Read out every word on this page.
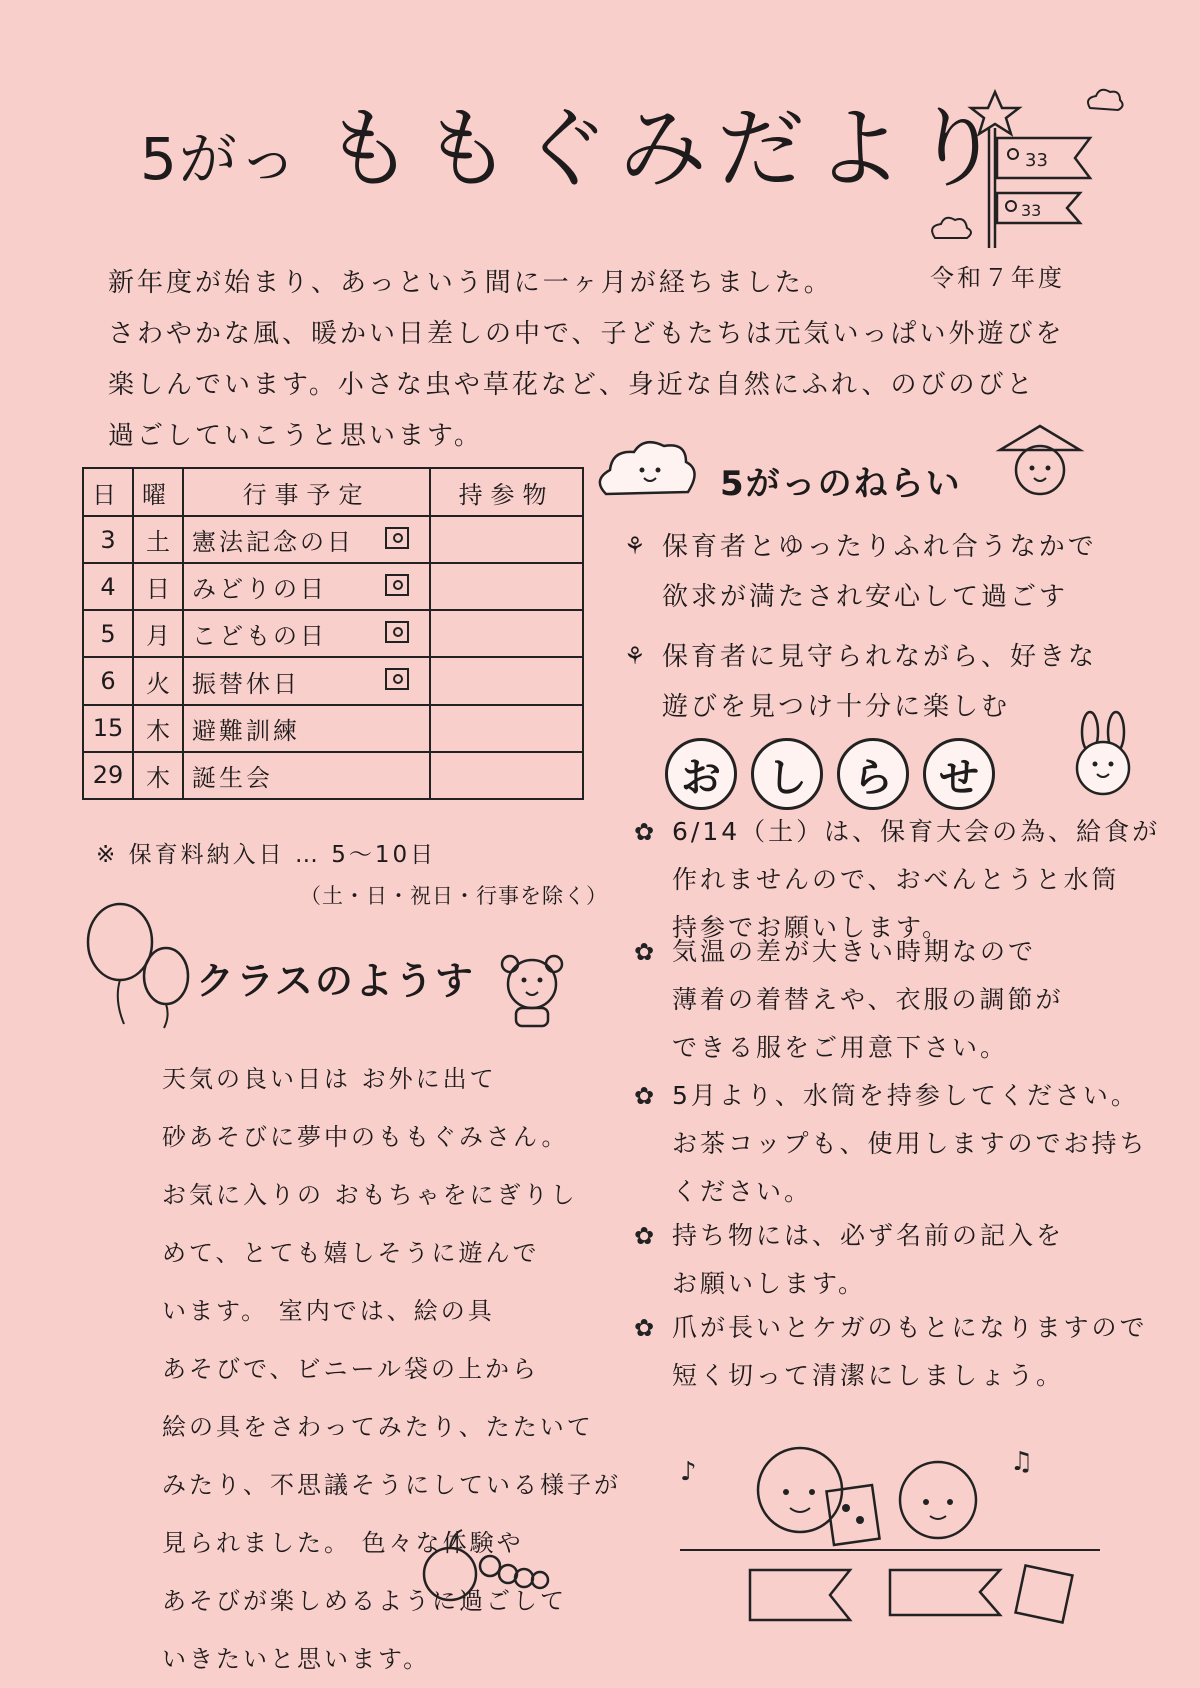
5がっ ももぐみだより
令和７年度
33
33

新年度が始まり、あっという間に一ヶ月が経ちました。

さわやかな風、暖かい日差しの中で、子どもたちは元気いっぱい外遊びを

楽しんでいます。小さな虫や草花など、身近な自然にふれ、のびのびと

過ごしていこうと思います。

日	曜	行事予定	持参物
3	土	憲法記念の日

4	日	みどりの日

5	月	こどもの日

6	火	振替休日

15	木	避難訓練	
29	木	誕生会	
※ 保育料納入日 … 5～10日
（土・日・祝日・行事を除く）
クラスのようす

天気の良い日は お外に出て

砂あそびに夢中のももぐみさん。

お気に入りの おもちゃをにぎりし

めて、とても嬉しそうに遊んで

います。 室内では、絵の具

あそびで、ビニール袋の上から

絵の具をさわってみたり、たたいて

みたり、不思議そうにしている様子が

見られました。 色々な体験や

あそびが楽しめるように過ごして

いきたいと思います。

5がっのねらい
⚘ 保育者とゆったりふれ合うなかで

欲求が満たされ安心して過ごす

⚘ 保育者に見守られながら、好きな

遊びを見つけ十分に楽しむ

お	し	ら	せ
✿ 6/14（土）は、保育大会の為、給食が

作れませんので、おべんとうと水筒

持参でお願いします。

✿ 気温の差が大きい時期なので

薄着の着替えや、衣服の調節が

できる服をご用意下さい。

✿ 5月より、水筒を持参してください。

お茶コップも、使用しますのでお持ち

ください。

✿ 持ち物には、必ず名前の記入を

お願いします。

✿ 爪が長いとケガのもとになりますので

短く切って清潔にしましょう。

♪	♫
